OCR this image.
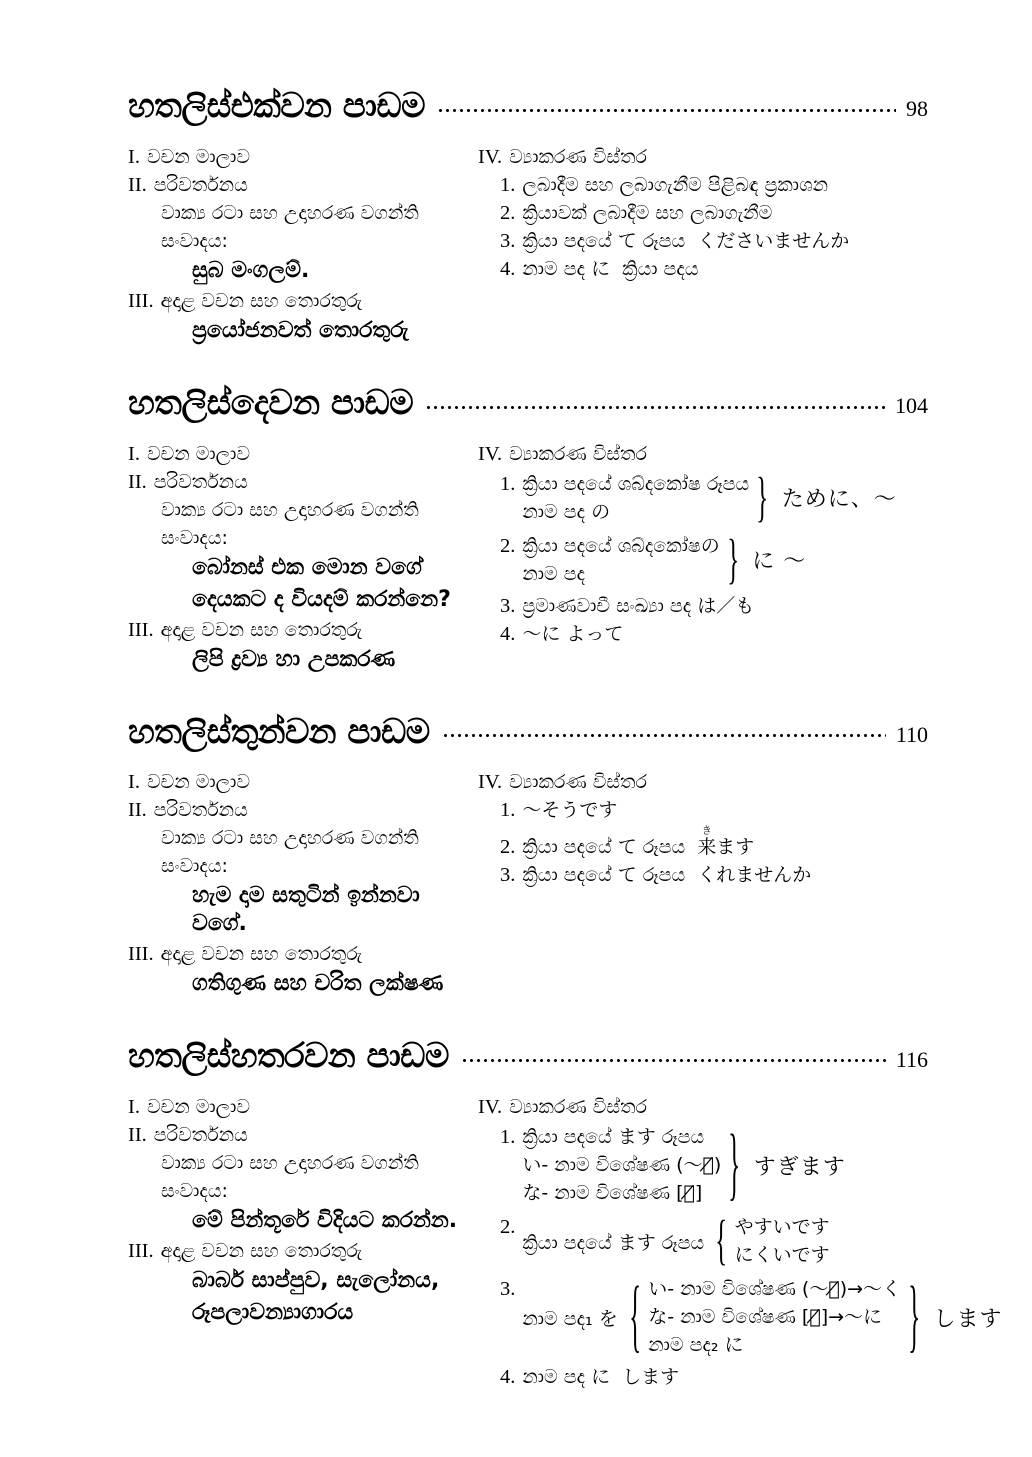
හතලිස්එක්වන පාඩම	98
I. වචන මාලාව
II. පරිවර්තනය
වාක්‍ය රටා සහ උදාහරණ වගන්ති
සංවාදය:
සුබ මංගලම්.
III. අදාළ වචන සහ තොරතුරු
ප්‍රයෝජනවත් තොරතුරු
IV. ව්‍යාකරණ විස්තර
1. ලබාදීම සහ ලබාගැනීම පිළිබඳ ප්‍රකාශන
2. ක්‍රියාවක් ලබාදීම සහ ලබාගැනීම
3. ක්‍රියා පදයේ て රූපය  くださいませんか
4. නාම පද に  ක්‍රියා පදය
හතලිස්දෙවන පාඩම	104
I. වචන මාලාව
II. පරිවර්තනය
වාක්‍ය රටා සහ උදාහරණ වගන්ති
සංවාදය:
බෝනස් එක මොන වගේ
දෙයකට ද වියදම් කරන්නෙ?
III. අදාළ වචන සහ තොරතුරු
ලිපි ද්‍රව්‍ය හා උපකරණ
IV. ව්‍යාකරණ විස්තර
1. ක්‍රියා පදයේ ශබ්දකෝෂ රූපය
නාම පද の	} ために、〜
2. ක්‍රියා පදයේ ශබ්දකෝෂの
නාම පද	} に 〜
3. ප්‍රමාණවාචී සංඛ්‍යා පද は／も
4. 〜に よって
හතලිස්තුන්වන පාඩම	110
I. වචන මාලාව
II. පරිවර්තනය
වාක්‍ය රටා සහ උදාහරණ වගන්ති
සංවාදය:
හැම දාම සතුටින් ඉන්නවා වගේ.
III. අදාළ වචන සහ තොරතුරු
ගතිගුණ සහ චරිත ලක්ෂණ
IV. ව්‍යාකරණ විස්තර
1. 〜そうです
2. ක්‍රියා පදයේ て රූපය  来きます
3. ක්‍රියා පදයේ て රූපය  くれませんか
හතලිස්හතරවන පාඩම	116
I. වචන මාලාව
II. පරිවර්තනය
වාක්‍ය රටා සහ උදාහරණ වගන්ති
සංවාදය:
මේ පින්තූරේ විදියට කරන්න.
III. අදාළ වචන සහ තොරතුරු
බාබර් සාප්පුව, සැලෝනය,
රූපලාවන්‍යාගාරය
IV. ව්‍යාකරණ විස්තර
1. ක්‍රියා පදයේ ます රූපය
い- නාම විශේෂණ (〜い̸)
な- නාම විශේෂණ [な̸]	} すぎます
2.
ක්‍රියා පදයේ ます රූපය { やすいです
にくいです
3.
නාම පද₁ を { い- නාම විශේෂණ (〜い̸)→〜く
な- නාම විශේෂණ [な̸]→〜に
නාම පද₂ に	} します
4. නාම පද に  します
